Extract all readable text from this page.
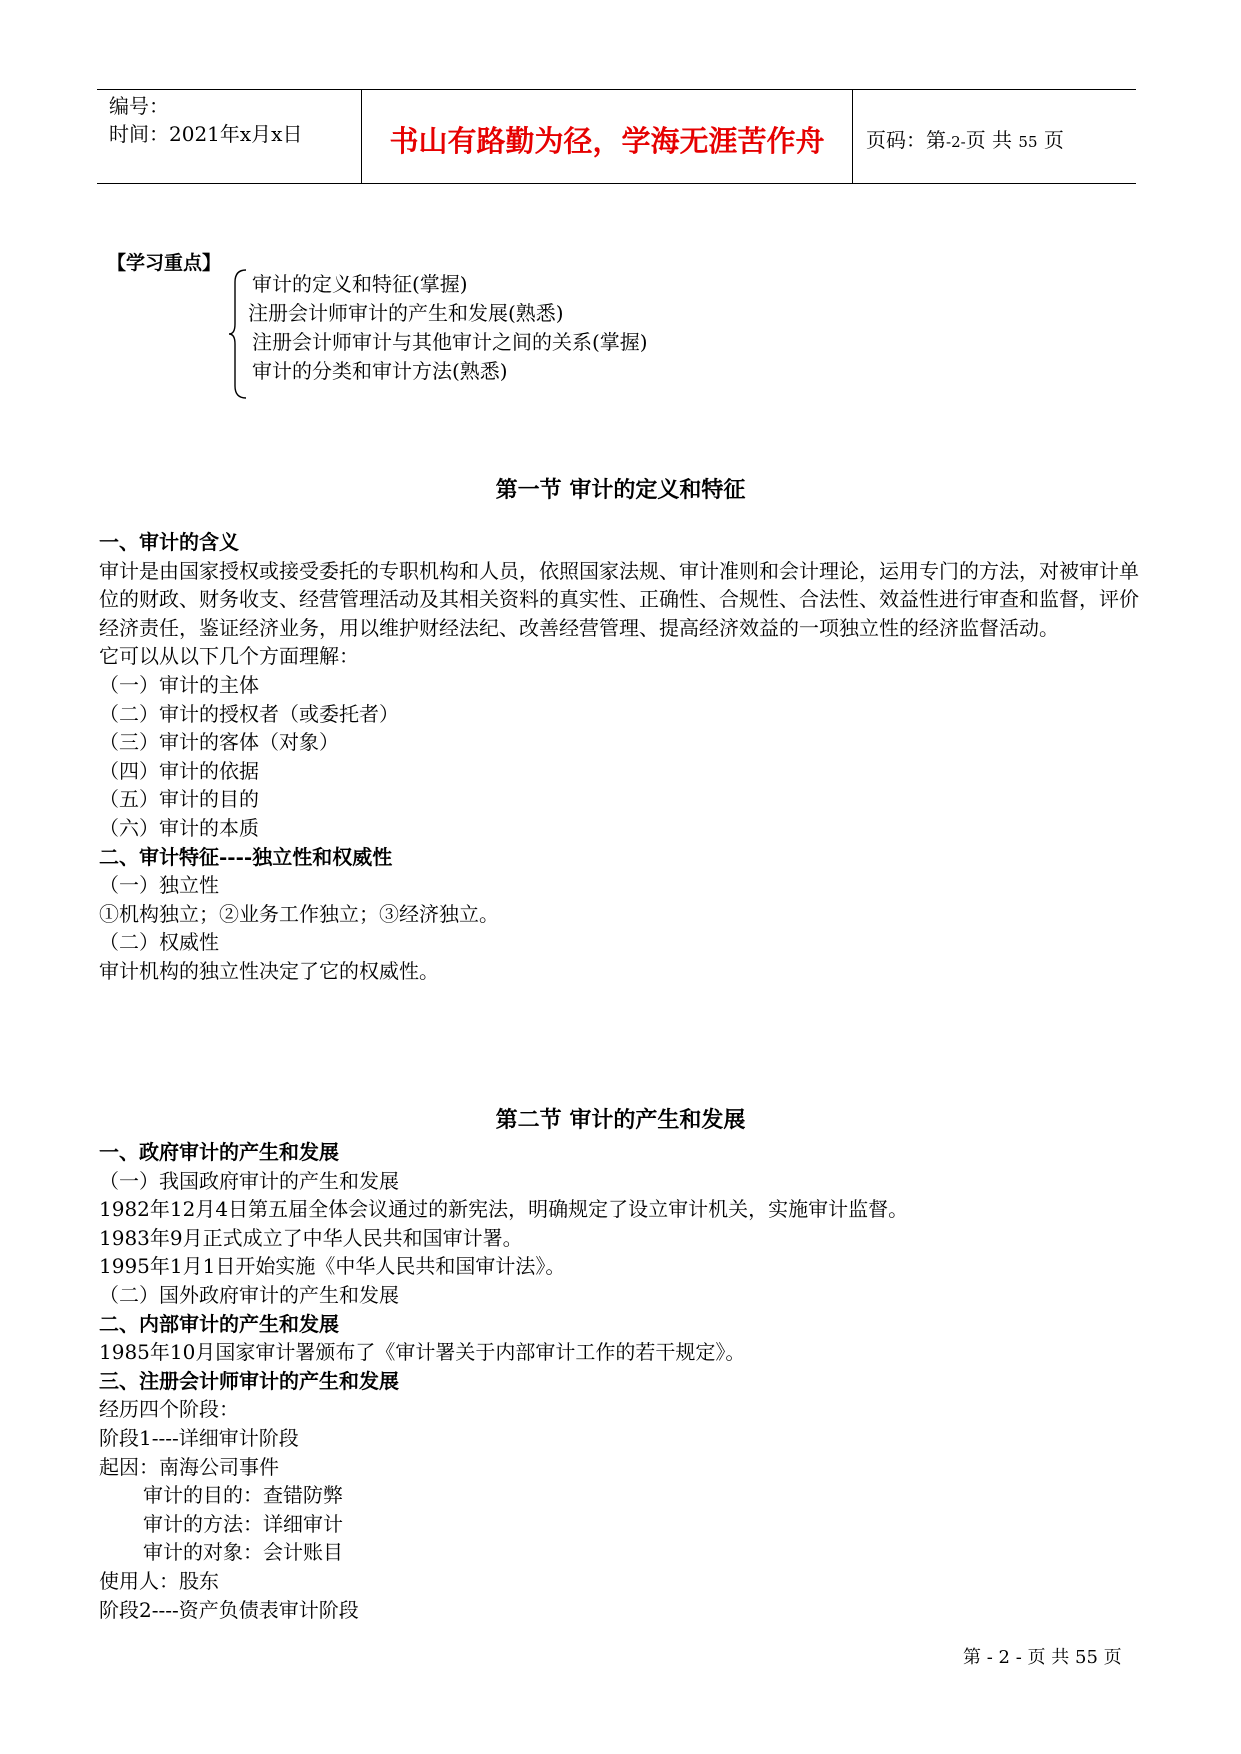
编号：
时间：2021年x月x日	书山有路勤为径，学海无涯苦作舟	页码：第-2-页 共 55 页
【学习重点】
审计的定义和特征(掌握)
注册会计师审计的产生和发展(熟悉)
注册会计师审计与其他审计之间的关系(掌握)
审计的分类和审计方法(熟悉)
第一节 审计的定义和特征
一、审计的含义
审计是由国家授权或接受委托的专职机构和人员，依照国家法规、审计准则和会计理论，运用专门的方法，对被审计单位的财政、财务收支、经营管理活动及其相关资料的真实性、正确性、合规性、合法性、效益性进行审查和监督，评价经济责任，鉴证经济业务，用以维护财经法纪、改善经营管理、提高经济效益的一项独立性的经济监督活动。
它可以从以下几个方面理解：
（一）审计的主体
（二）审计的授权者（或委托者）
（三）审计的客体（对象）
（四）审计的依据
（五）审计的目的
（六）审计的本质
二、审计特征----独立性和权威性
（一）独立性
①机构独立；②业务工作独立；③经济独立。
（二）权威性
审计机构的独立性决定了它的权威性。
第二节 审计的产生和发展
一、政府审计的产生和发展
（一）我国政府审计的产生和发展
1982年12月4日第五届全体会议通过的新宪法，明确规定了设立审计机关，实施审计监督。
1983年9月正式成立了中华人民共和国审计署。
1995年1月1日开始实施《中华人民共和国审计法》。
（二）国外政府审计的产生和发展
二、内部审计的产生和发展
1985年10月国家审计署颁布了《审计署关于内部审计工作的若干规定》。
三、注册会计师审计的产生和发展
经历四个阶段：
阶段1----详细审计阶段
起因：南海公司事件
审计的目的：查错防弊
审计的方法：详细审计
审计的对象：会计账目
使用人：股东
阶段2----资产负债表审计阶段
第 - 2 - 页 共 55 页
